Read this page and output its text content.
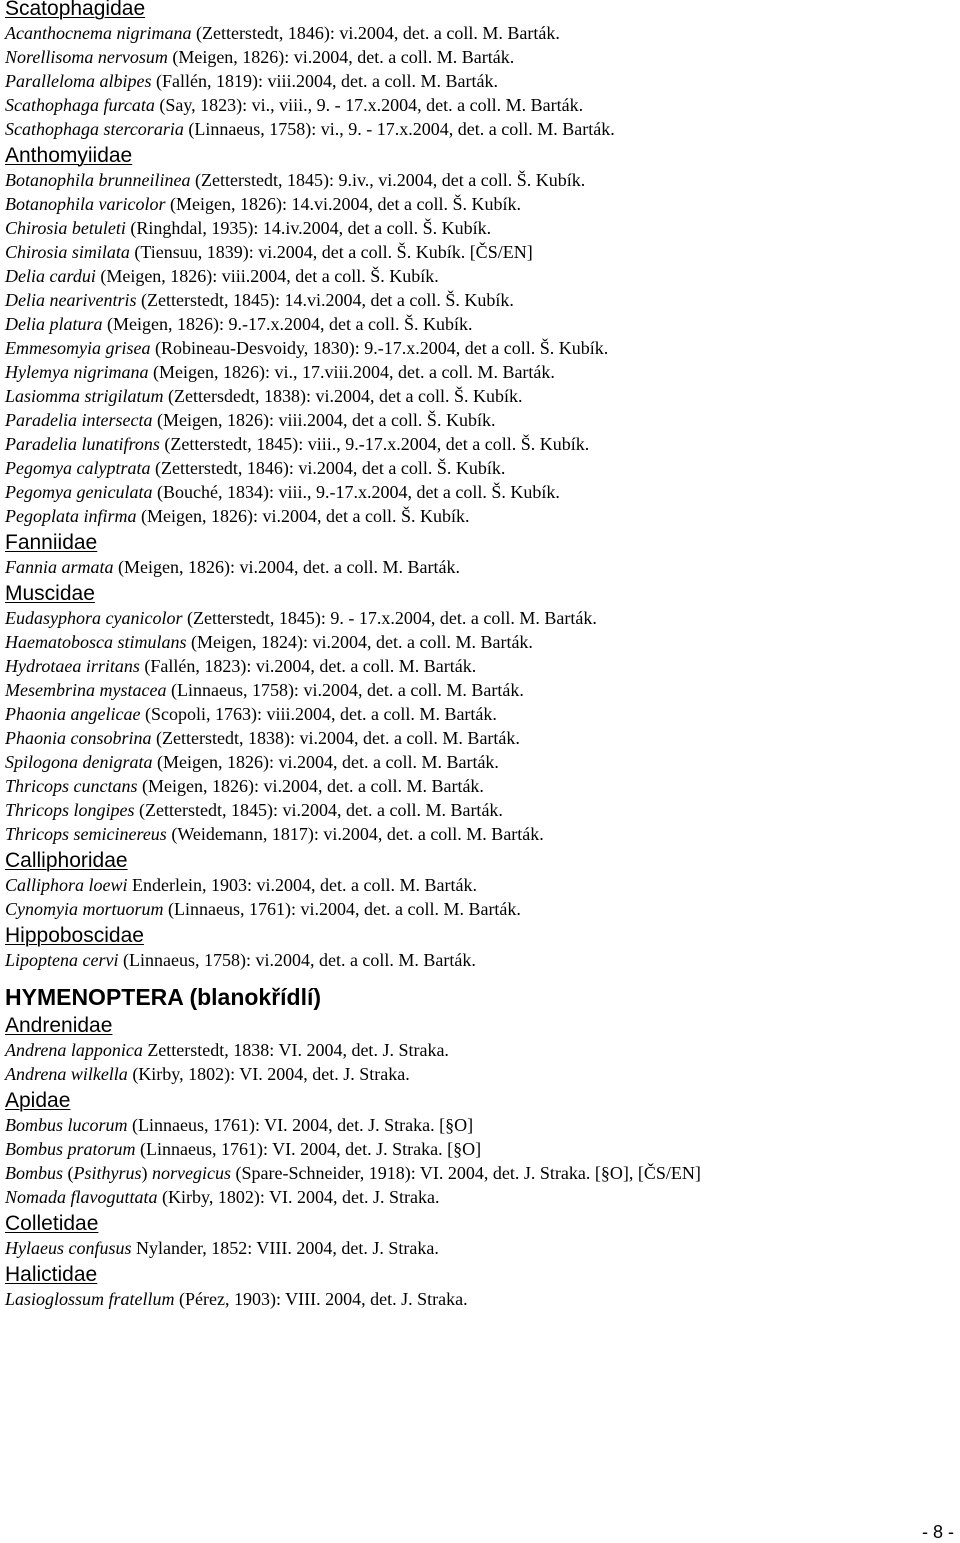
Scatophagidae
Acanthocnema nigrimana (Zetterstedt, 1846): vi.2004, det. a coll. M. Barták.
Norellisoma nervosum (Meigen, 1826): vi.2004, det. a coll. M. Barták.
Paralleloma albipes (Fallén, 1819): viii.2004, det. a coll. M. Barták.
Scathophaga furcata (Say, 1823): vi., viii., 9. - 17.x.2004, det. a coll. M. Barták.
Scathophaga stercoraria (Linnaeus, 1758): vi., 9. - 17.x.2004, det. a coll. M. Barták.
Anthomyiidae
Botanophila brunneilinea (Zetterstedt, 1845): 9.iv., vi.2004, det a coll. Š. Kubík.
Botanophila varicolor (Meigen, 1826): 14.vi.2004, det a coll. Š. Kubík.
Chirosia betuleti (Ringhdal, 1935): 14.iv.2004, det a coll. Š. Kubík.
Chirosia similata (Tiensuu, 1839): vi.2004, det a coll. Š. Kubík. [ČS/EN]
Delia cardui (Meigen, 1826): viii.2004, det a coll. Š. Kubík.
Delia neariventris (Zetterstedt, 1845): 14.vi.2004, det a coll. Š. Kubík.
Delia platura (Meigen, 1826): 9.-17.x.2004, det a coll. Š. Kubík.
Emmesomyia grisea (Robineau-Desvoidy, 1830): 9.-17.x.2004, det a coll. Š. Kubík.
Hylemya nigrimana (Meigen, 1826): vi., 17.viii.2004, det. a coll. M. Barták.
Lasiomma strigilatum (Zettersdedt, 1838): vi.2004, det a coll. Š. Kubík.
Paradelia intersecta (Meigen, 1826): viii.2004, det a coll. Š. Kubík.
Paradelia lunatifrons (Zetterstedt, 1845): viii., 9.-17.x.2004, det a coll. Š. Kubík.
Pegomya calyptrata (Zetterstedt, 1846): vi.2004, det a coll. Š. Kubík.
Pegomya geniculata (Bouché, 1834): viii., 9.-17.x.2004, det a coll. Š. Kubík.
Pegoplata infirma (Meigen, 1826): vi.2004, det a coll. Š. Kubík.
Fanniidae
Fannia armata (Meigen, 1826): vi.2004, det. a coll. M. Barták.
Muscidae
Eudasyphora cyanicolor (Zetterstedt, 1845): 9. - 17.x.2004, det. a coll. M. Barták.
Haematobosca stimulans (Meigen, 1824): vi.2004, det. a coll. M. Barták.
Hydrotaea irritans (Fallén, 1823): vi.2004, det. a coll. M. Barták.
Mesembrina mystacea (Linnaeus, 1758): vi.2004, det. a coll. M. Barták.
Phaonia angelicae (Scopoli, 1763): viii.2004, det. a coll. M. Barták.
Phaonia consobrina (Zetterstedt, 1838): vi.2004, det. a coll. M. Barták.
Spilogona denigrata (Meigen, 1826): vi.2004, det. a coll. M. Barták.
Thricops cunctans (Meigen, 1826): vi.2004, det. a coll. M. Barták.
Thricops longipes (Zetterstedt, 1845): vi.2004, det. a coll. M. Barták.
Thricops semicinereus (Weidemann, 1817): vi.2004, det. a coll. M. Barták.
Calliphoridae
Calliphora loewi Enderlein, 1903: vi.2004, det. a coll. M. Barták.
Cynomyia mortuorum (Linnaeus, 1761): vi.2004, det. a coll. M. Barták.
Hippoboscidae
Lipoptena cervi (Linnaeus, 1758): vi.2004, det. a coll. M. Barták.
HYMENOPTERA (blanokřídlí)
Andrenidae
Andrena lapponica Zetterstedt, 1838: VI. 2004, det. J. Straka.
Andrena wilkella (Kirby, 1802): VI. 2004, det. J. Straka.
Apidae
Bombus lucorum (Linnaeus, 1761): VI. 2004, det. J. Straka. [§O]
Bombus pratorum (Linnaeus, 1761): VI. 2004, det. J. Straka. [§O]
Bombus (Psithyrus) norvegicus (Spare-Schneider, 1918): VI. 2004, det. J. Straka. [§O], [ČS/EN]
Nomada flavoguttata (Kirby, 1802): VI. 2004, det. J. Straka.
Colletidae
Hylaeus confusus Nylander, 1852: VIII. 2004, det. J. Straka.
Halictidae
Lasioglossum fratellum (Pérez, 1903): VIII. 2004, det. J. Straka.
- 8 -
